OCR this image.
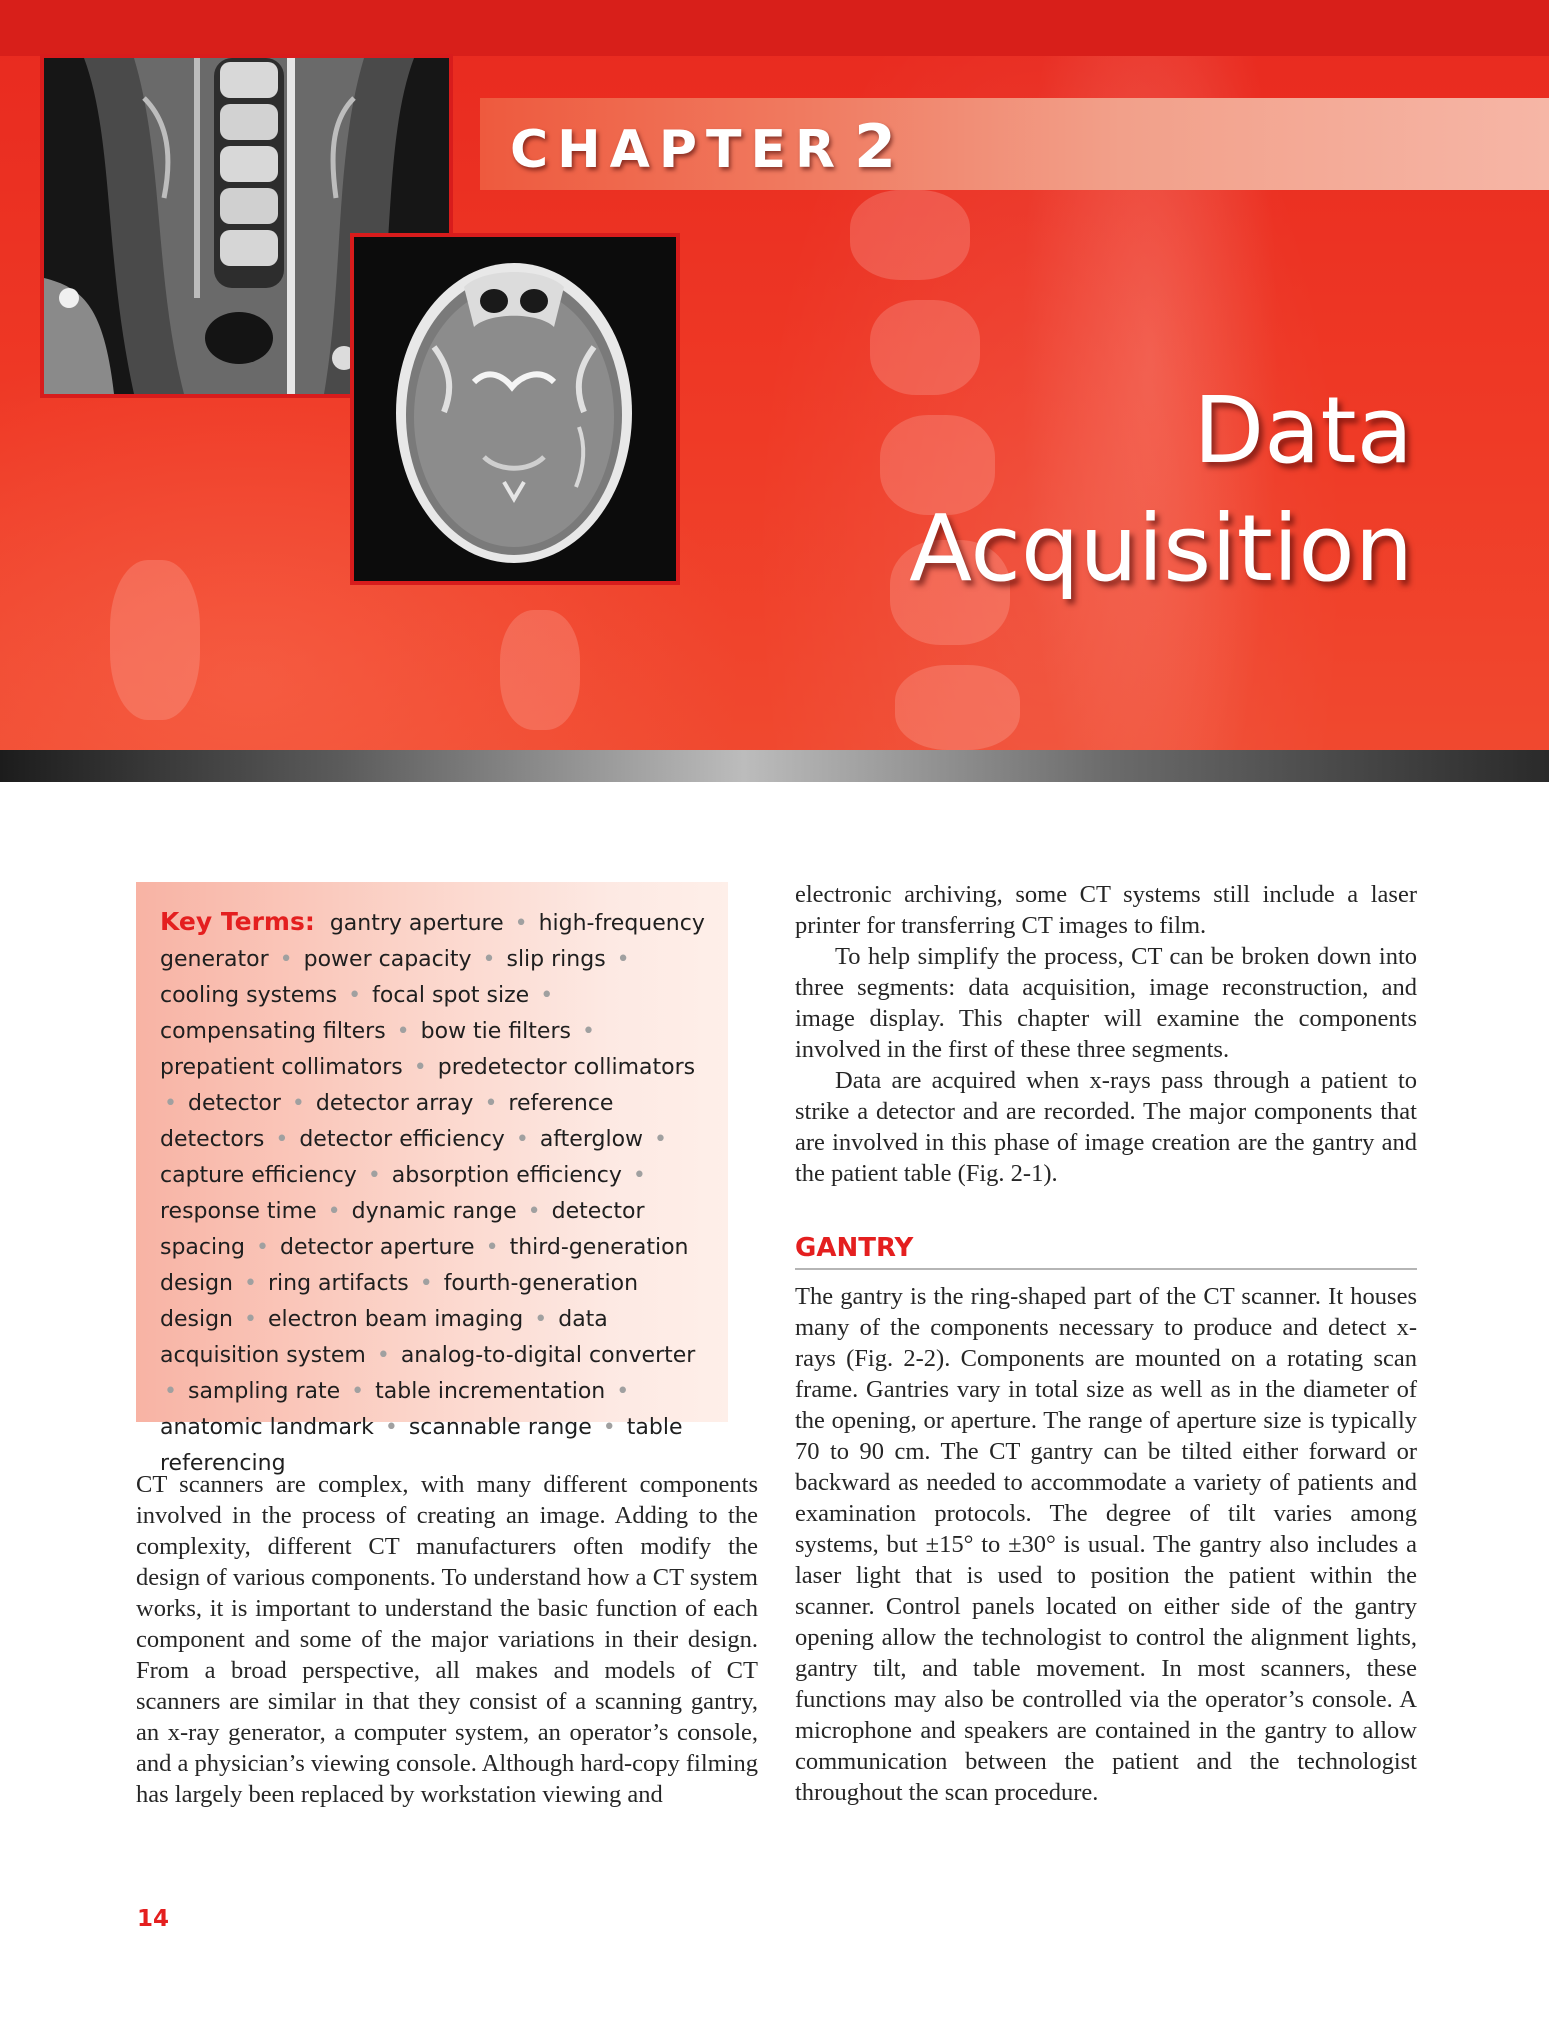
CHAPTER 2
Data
Acquisition
Key Terms: gantry aperture • high-frequency generator • power capacity • slip rings • cooling systems • focal spot size • compensating filters • bow tie filters • prepatient collimators • predetector collimators • detector • detector array • reference detectors • detector efficiency • afterglow • capture efficiency • absorption efficiency • response time • dynamic range • detector spacing • detector aperture • third-generation design • ring artifacts • fourth-generation design • electron beam imaging • data acquisition system • analog-to-digital converter • sampling rate • table incrementation • anatomic landmark • scannable range • table referencing

CT scanners are complex, with many different components involved in the process of creating an image. Adding to the complexity, different CT manufacturers often modify the design of various components. To understand how a CT system works, it is important to understand the basic function of each component and some of the major variations in their design. From a broad perspective, all makes and models of CT scanners are similar in that they consist of a scanning gantry, an x-ray generator, a computer system, an operator’s console, and a physician’s viewing console. Although hard-copy filming has largely been replaced by workstation viewing and

electronic archiving, some CT systems still include a laser printer for transferring CT images to film.

To help simplify the process, CT can be broken down into three segments: data acquisition, image reconstruction, and image display. This chapter will examine the components involved in the first of these three segments.

Data are acquired when x-rays pass through a patient to strike a detector and are recorded. The major components that are involved in this phase of image creation are the gantry and the patient table (Fig. 2-1).

GANTRY

The gantry is the ring-shaped part of the CT scanner. It houses many of the components necessary to produce and detect x-rays (Fig. 2-2). Components are mounted on a rotating scan frame. Gantries vary in total size as well as in the diameter of the opening, or aperture. The range of aperture size is typically 70 to 90 cm. The CT gantry can be tilted either forward or backward as needed to accommodate a variety of patients and examination protocols. The degree of tilt varies among systems, but ±15° to ±30° is usual. The gantry also includes a laser light that is used to position the patient within the scanner. Control panels located on either side of the gantry opening allow the technologist to control the alignment lights, gantry tilt, and table movement. In most scanners, these functions may also be controlled via the operator’s console. A microphone and speakers are contained in the gantry to allow communication between the patient and the technologist throughout the scan procedure.

14
